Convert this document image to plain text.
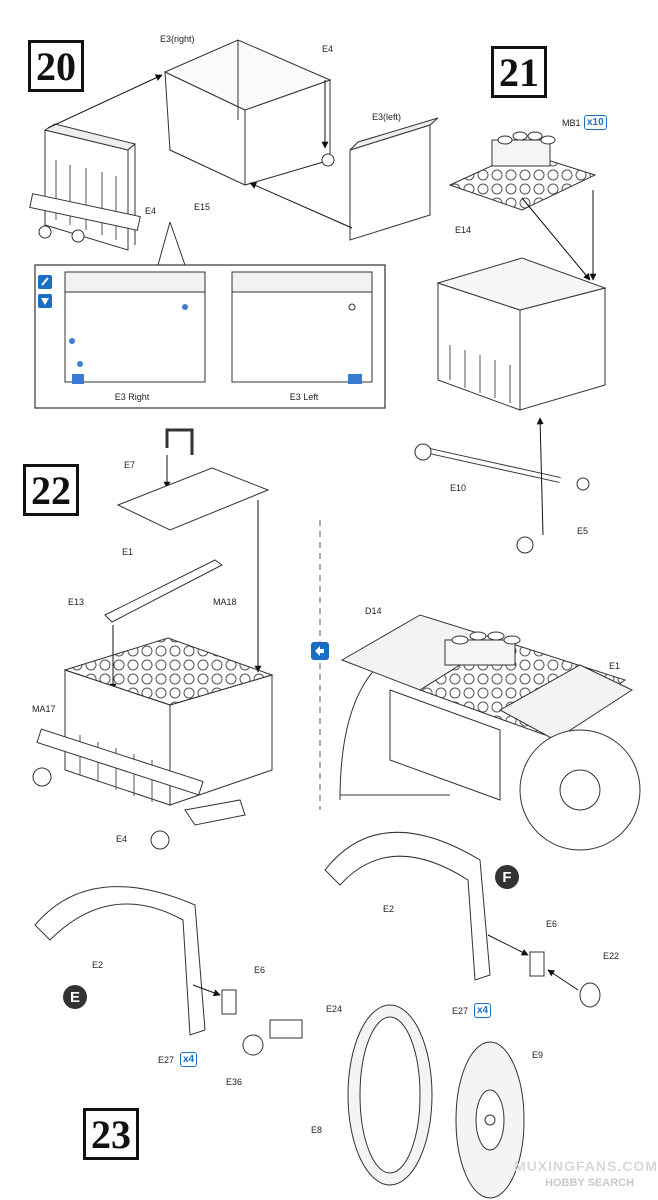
20	21
22
23
E3 Right	E3 Left
E3(right)
E4
E3(left)
E15
E4
MB1
E14
E10
E5
E7
E1
E13	MA18
MA17
E4
D14
E1
E2
E6
E22
E27
E2	E6
E24
E27
E36
E9
E8
x10
x4
x4
F
E
MUXINGFANS.COM
HOBBY SEARCH
